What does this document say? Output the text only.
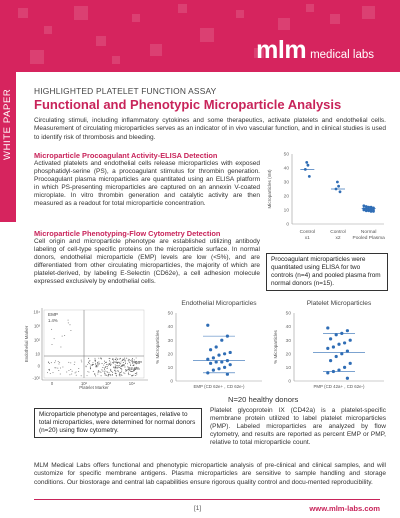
mlm medical labs
WHITE PAPER	HIGHLIGHTED PLATELET FUNCTION ASSAY
Functional and Phenotypic Microparticle Analysis
Circulating stimuli, including inflammatory cytokines and some therapeutics, activate platelets and endothelial cells. Measurement of circulating microparticles serves as an indicator of in vivo vascular function, and in clinical studies is used to identify risk of thrombosis and bleeding.
Microparticle Procoagulant Activity-ELISA Detection
Activated platelets and endothelial cells release microparticles with exposed phosphatidyl-serine (PS), a procoagulant stimulus for thrombin generation. Procoagulant plasma microparticles are quantitated using an ELISA platform in which PS-presenting microparticles are captured on an annexin V-coated microplate. In vitro thrombin generation and catalytic activity are then measured as a readout for total microparticle concentration.
Microparticle Phenotyping-Flow Cytometry Detection
Cell origin and microparticle phenotype are established utilizing antibody labeling of cell-type specific proteins on the microparticle surface. In normal donors, endothelial microparticle (EMP) levels are low (<5%), and are differentiated from other circulating microparticles, the majority of which are platelet-derived, by labeling E-Selectin (CD62e), a cell adhesion molecule expressed exclusively by endothelial cells.
0
10
20
30
40
50
Microparticles (nM)
Control
x1
Control
x2
Normal
Pooled Plasma
Procoagulant microparticles were quantitated using ELISA for two controls (n=4) and pooled plasma from normal donors (n=15).
EMP
1.4%
PMP
93.6%
Endothelial Marker
Platelet Marker
10⁴
10³
10²
10
0
-10²
0	10²	10³	10⁴
Endothelial Microparticles
0
10
20
30
40
50
% Microparticles
EMP (CD 62e+ , CD 62e-)
Platelet Microparticles
0
10
20
30
40
50
% Microparticles
PMP (CD 42a+ , CD 62e-)
N=20 healthy donors
Microparticle phenotype and percentages, relative to total microparticles, were determined for normal donors (n=20) using flow cytometry.
Platelet glycoprotein IX (CD42a) is a platelet-specific membrane protein utilized to label platelet microparticles (PMP). Labeled microparticles are analyzed by flow cytometry, and results are reported as percent EMP or PMP, relative to total microparticle count.
MLM Medical Labs offers functional and phenotypic microparticle analysis of pre-clinical and clinical samples, and will customize for specific membrane antigens. Plasma microparticles are sensitive to sample handling and storage conditions. Our biostorage and central lab capabilities ensure rigorous quality control and docu-mented reproducibility.
[1]	www.mlm-labs.com
